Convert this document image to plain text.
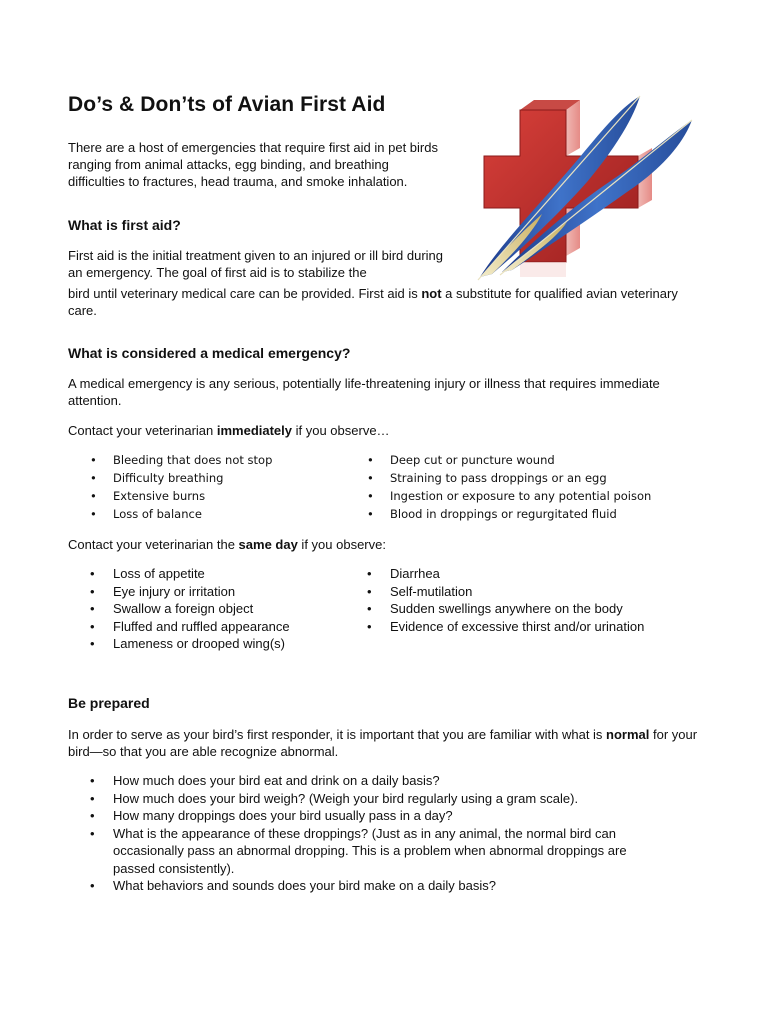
Do’s & Don’ts of Avian First Aid

There are a host of emergencies that require first aid in pet birds ranging from animal attacks, egg binding, and breathing difficulties to fractures, head trauma, and smoke inhalation.

What is first aid?

First aid is the initial treatment given to an injured or ill bird during an emergency. The goal of first aid is to stabilize the

bird until veterinary medical care can be provided. First aid is not a substitute for qualified avian veterinary care.

What is considered a medical emergency?

A medical emergency is any serious, potentially life-threatening injury or illness that requires immediate attention.

Contact your veterinarian immediately if you observe…

• Bleeding that does not stop
• Difficulty breathing
• Extensive burns
• Loss of balance
• Deep cut or puncture wound
• Straining to pass droppings or an egg
• Ingestion or exposure to any potential poison
• Blood in droppings or regurgitated fluid

Contact your veterinarian the same day if you observe:

• Loss of appetite
• Eye injury or irritation
• Swallow a foreign object
• Fluffed and ruffled appearance
• Lameness or drooped wing(s)
• Diarrhea
• Self-mutilation
• Sudden swellings anywhere on the body
• Evidence of excessive thirst and/or urination
Be prepared

In order to serve as your bird’s first responder, it is important that you are familiar with what is normal for your bird—so that you are able recognize abnormal.

• How much does your bird eat and drink on a daily basis?
• How much does your bird weigh? (Weigh your bird regularly using a gram scale).
• How many droppings does your bird usually pass in a day?
• What is the appearance of these droppings? (Just as in any animal, the normal bird can occasionally pass an abnormal dropping. This is a problem when abnormal droppings are passed consistently).
• What behaviors and sounds does your bird make on a daily basis?
